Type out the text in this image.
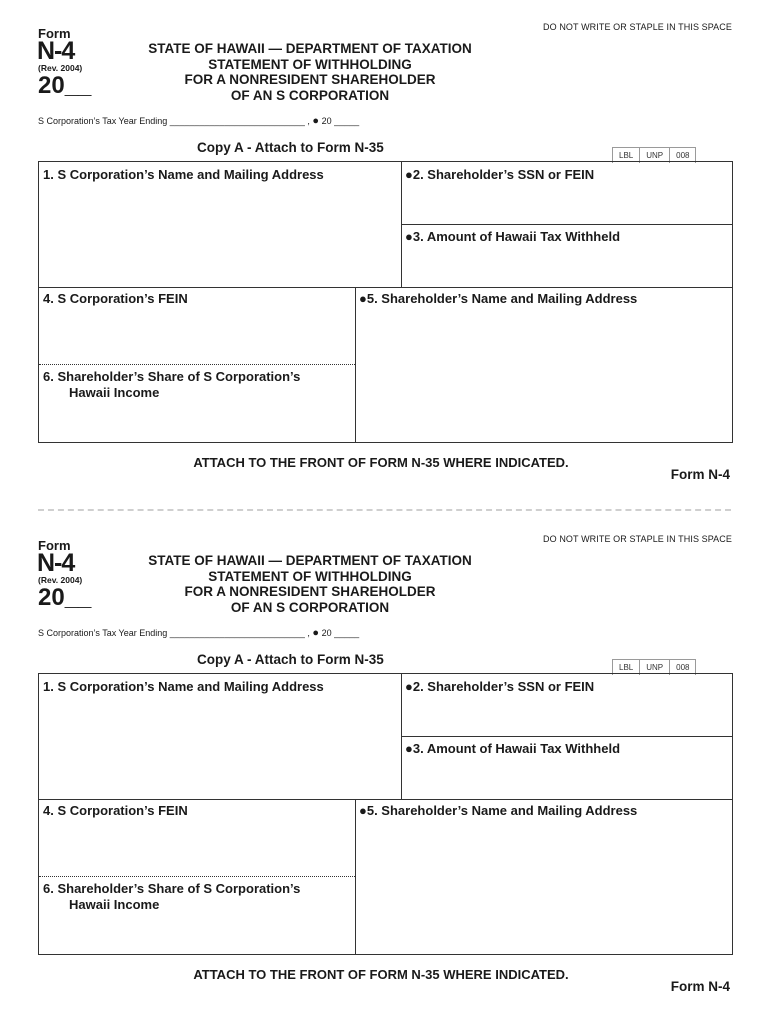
Form
N-4
(Rev. 2004)
20__
DO NOT WRITE OR STAPLE IN THIS SPACE
STATE OF HAWAII — DEPARTMENT OF TAXATION
STATEMENT OF WITHHOLDING
FOR A NONRESIDENT SHAREHOLDER
OF AN S CORPORATION
S Corporation’s Tax Year Ending ___________________________ , ● 20 _____
Copy A - Attach to Form N-35
LBL	UNP	008
1. S Corporation’s Name and Mailing Address	●2. Shareholder’s SSN or FEIN
●3. Amount of Hawaii Tax Withheld
4. S Corporation’s FEIN	●5. Shareholder’s Name and Mailing Address
6. Shareholder’s Share of S Corporation’s
Hawaii Income
ATTACH TO THE FRONT OF FORM N-35 WHERE INDICATED.
Form N-4
Form
N-4
(Rev. 2004)
20__
DO NOT WRITE OR STAPLE IN THIS SPACE
STATE OF HAWAII — DEPARTMENT OF TAXATION
STATEMENT OF WITHHOLDING
FOR A NONRESIDENT SHAREHOLDER
OF AN S CORPORATION
S Corporation’s Tax Year Ending ___________________________ , ● 20 _____
Copy A - Attach to Form N-35
LBL	UNP	008
1. S Corporation’s Name and Mailing Address	●2. Shareholder’s SSN or FEIN
●3. Amount of Hawaii Tax Withheld
4. S Corporation’s FEIN	●5. Shareholder’s Name and Mailing Address
6. Shareholder’s Share of S Corporation’s
Hawaii Income
ATTACH TO THE FRONT OF FORM N-35 WHERE INDICATED.
Form N-4
